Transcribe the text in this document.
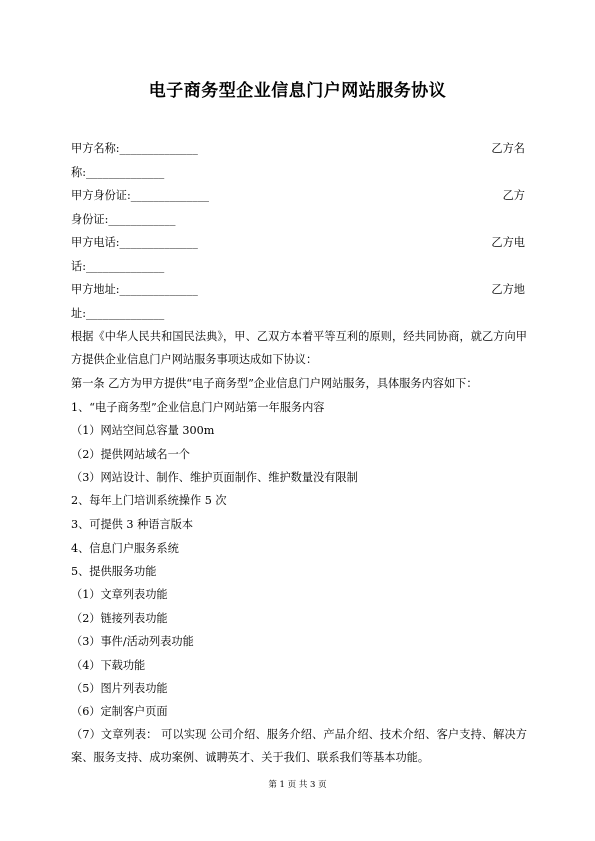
电子商务型企业信息门户网站服务协议
甲方名称:______________	乙方名
称:______________
甲方身份证:______________	乙方
身份证:____________
甲方电话:______________	乙方电
话:______________
甲方地址:______________	乙方地
址:______________
根据《中华人民共和国民法典》，甲、乙双方本着平等互利的原则，经共同协商，就乙方向甲方提供企业信息门户网站服务事项达成如下协议：
第一条 乙方为甲方提供“电子商务型”企业信息门户网站服务，具体服务内容如下：
1、“电子商务型”企业信息门户网站第一年服务内容
（1）网站空间总容量 300m
（2）提供网站域名一个
（3）网站设计、制作、维护页面制作、维护数量没有限制
2、每年上门培训系统操作 5 次
3、可提供 3 种语言版本
4、信息门户服务系统
5、提供服务功能
（1）文章列表功能
（2）链接列表功能
（3）事件/活动列表功能
（4）下载功能
（5）图片列表功能
（6）定制客户页面
（7）文章列表： 可以实现 公司介绍、服务介绍、产品介绍、技术介绍、客户支持、解决方案、服务支持、成功案例、诚聘英才、关于我们、联系我们等基本功能。
第 1 页 共 3 页
